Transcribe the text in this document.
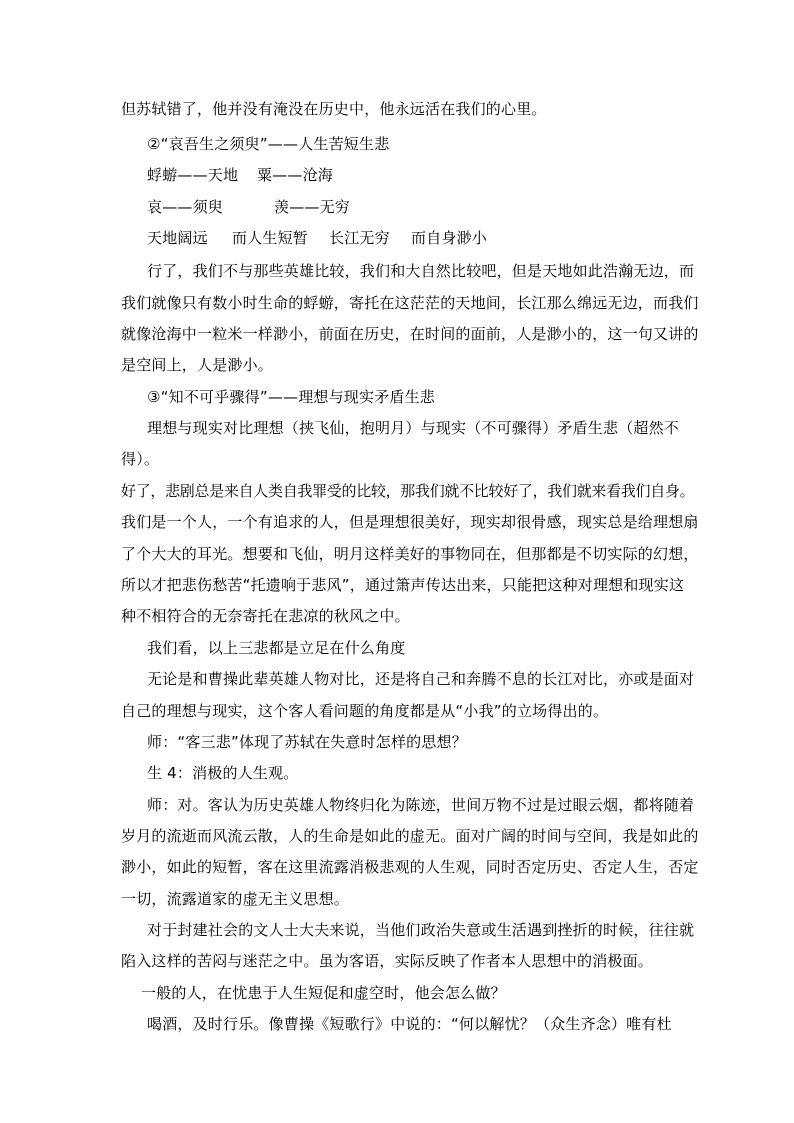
但苏轼错了，他并没有淹没在历史中，他永远活在我们的心里。
②“哀吾生之须臾”——人生苦短生悲
蜉蝣——天地 粟——沧海
哀——须臾	羡——无穷
天地阔远 而人生短暂 长江无穷 而自身渺小
行了，我们不与那些英雄比较，我们和大自然比较吧，但是天地如此浩瀚无边，而
我们就像只有数小时生命的蜉蝣，寄托在这茫茫的天地间，长江那么绵远无边，而我们
就像沧海中一粒米一样渺小，前面在历史，在时间的面前，人是渺小的，这一句又讲的
是空间上，人是渺小。
③“知不可乎骤得”——理想与现实矛盾生悲
理想与现实对比理想（挟飞仙，抱明月）与现实（不可骤得）矛盾生悲（超然不
得）。
好了，悲剧总是来自人类自我罪受的比较，那我们就不比较好了，我们就来看我们自身。
我们是一个人，一个有追求的人，但是理想很美好，现实却很骨感，现实总是给理想扇
了个大大的耳光。想要和飞仙，明月这样美好的事物同在，但那都是不切实际的幻想，
所以才把悲伤愁苦“托遗响于悲风”，通过箫声传达出来，只能把这种对理想和现实这
种不相符合的无奈寄托在悲凉的秋风之中。
我们看，以上三悲都是立足在什么角度
无论是和曹操此辈英雄人物对比，还是将自己和奔腾不息的长江对比，亦或是面对
自己的理想与现实，这个客人看问题的角度都是从“小我”的立场得出的。
师：“客三悲”体现了苏轼在失意时怎样的思想？
生 4：消极的人生观。
师：对。客认为历史英雄人物终归化为陈迹，世间万物不过是过眼云烟，都将随着
岁月的流逝而风流云散，人的生命是如此的虚无。面对广阔的时间与空间，我是如此的
渺小，如此的短暂，客在这里流露消极悲观的人生观，同时否定历史、否定人生，否定
一切，流露道家的虚无主义思想。
对于封建社会的文人士大夫来说，当他们政治失意或生活遇到挫折的时候，往往就
陷入这样的苦闷与迷茫之中。虽为客语，实际反映了作者本人思想中的消极面。
一般的人，在忧患于人生短促和虚空时，他会怎么做？
喝酒，及时行乐。像曹操《短歌行》中说的：“何以解忧？（众生齐念）唯有杜
